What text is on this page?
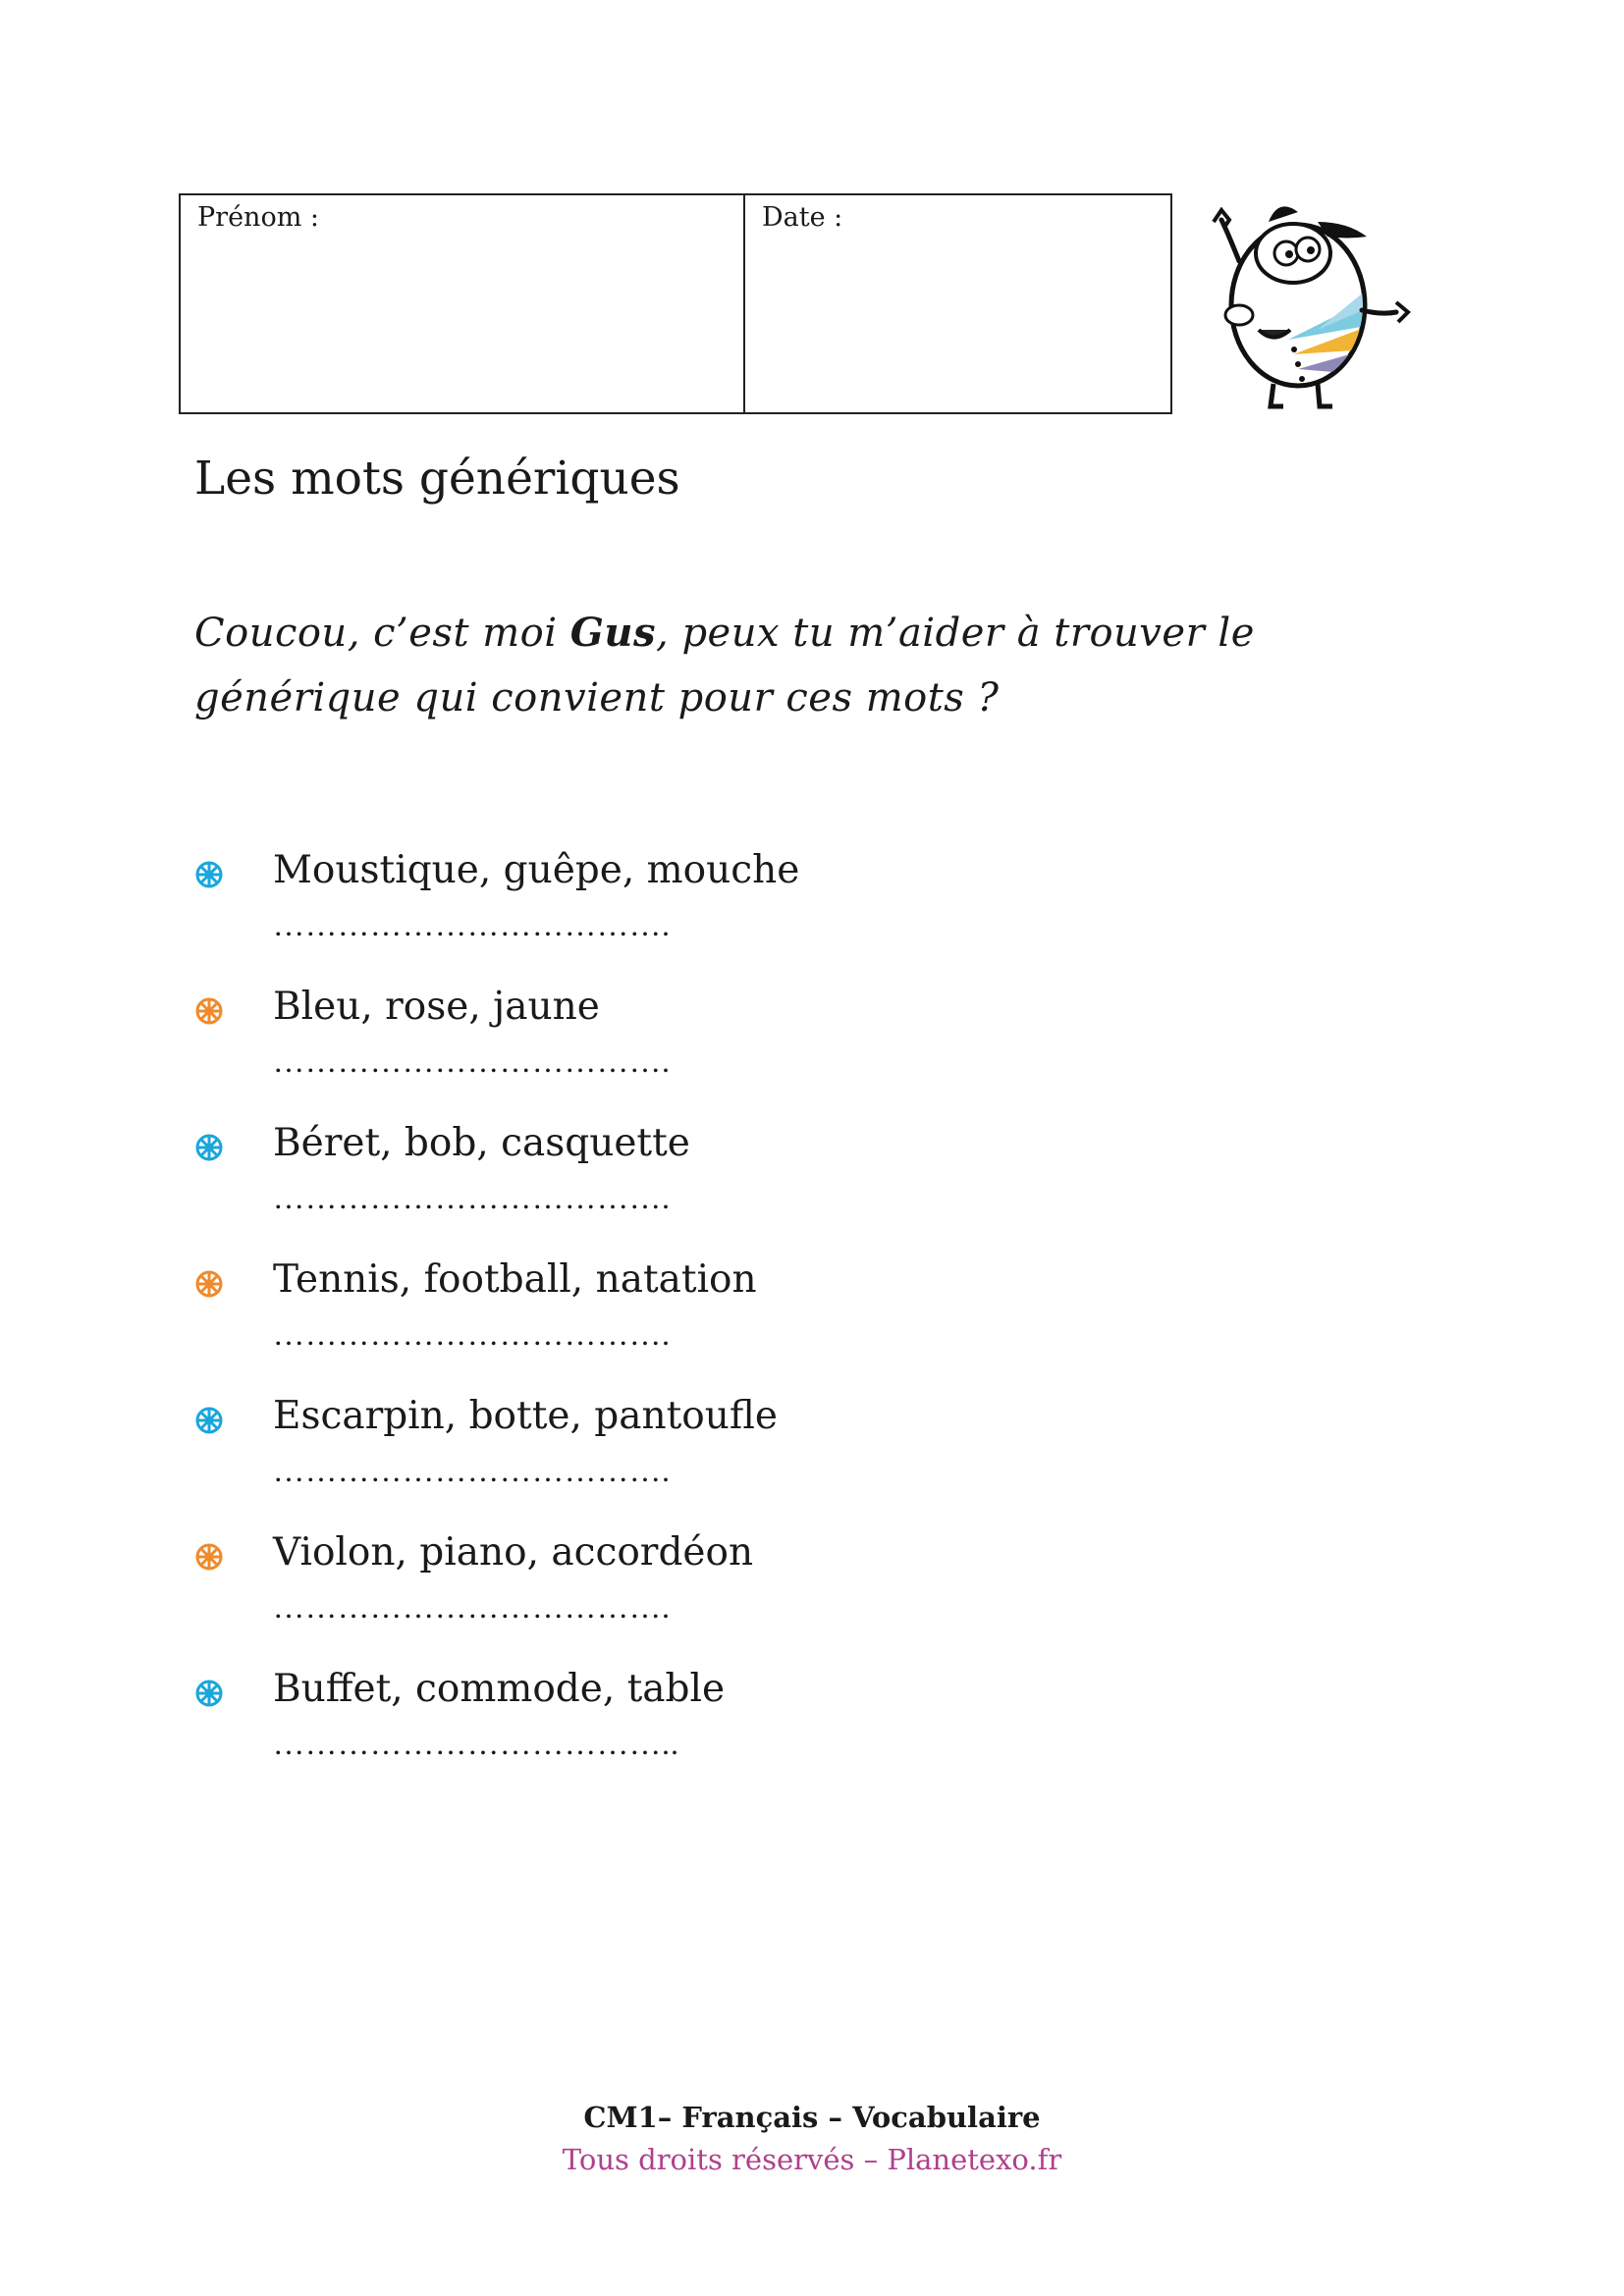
Prénom :	Date :
Les mots génériques
Coucou, c’est moi Gus, peux tu m’aider à trouver le générique qui convient pour ces mots ?
Moustique, guêpe, mouche
……………………………….
Bleu, rose, jaune
……………………………….
Béret, bob, casquette
……………………………….
Tennis, football, natation
……………………………….
Escarpin, botte, pantoufle
……………………………….
Violon, piano, accordéon
……………………………….
Buffet, commode, table
………………………………..
CM1– Français – Vocabulaire
Tous droits réservés – Planetexo.fr
